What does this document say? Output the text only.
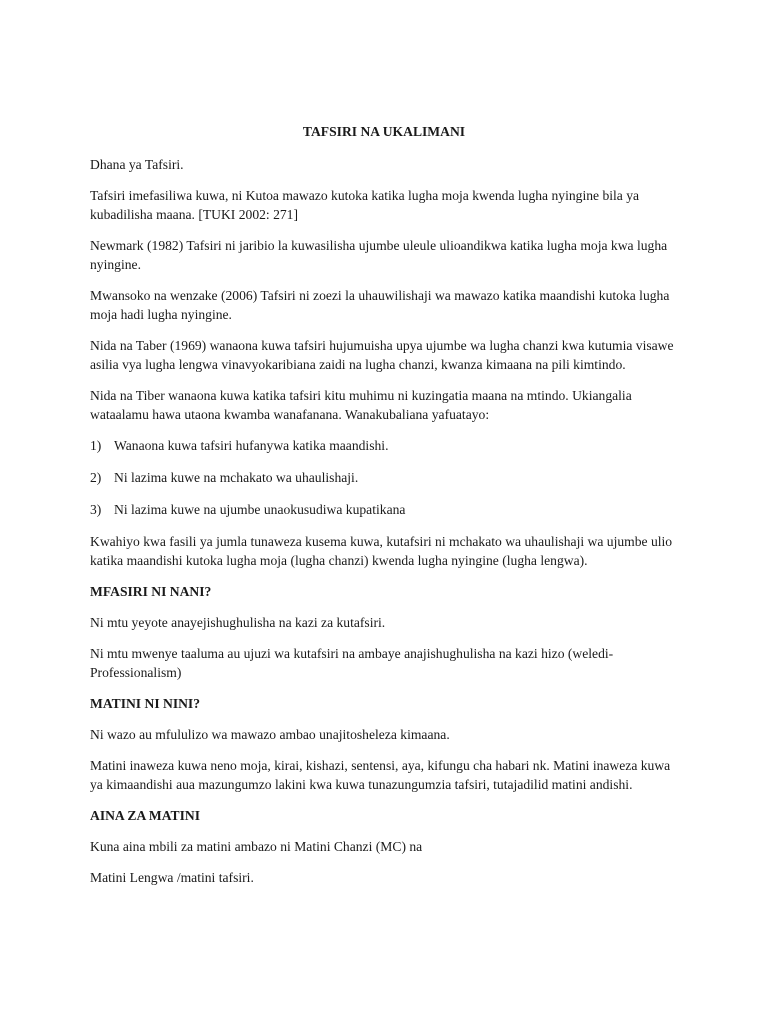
TAFSIRI NA UKALIMANI

Dhana ya Tafsiri.

Tafsiri imefasiliwa kuwa, ni Kutoa mawazo kutoka katika lugha moja kwenda lugha nyingine bila ya kubadilisha maana. [TUKI 2002: 271]

Newmark (1982) Tafsiri ni jaribio la kuwasilisha ujumbe uleule ulioandikwa katika lugha moja kwa lugha nyingine.

Mwansoko na wenzake (2006) Tafsiri ni zoezi la uhauwilishaji wa mawazo katika maandishi kutoka lugha moja hadi lugha nyingine.

Nida na Taber (1969) wanaona kuwa tafsiri hujumuisha upya ujumbe wa lugha chanzi kwa kutumia visawe asilia vya lugha lengwa vinavyokaribiana zaidi na lugha chanzi, kwanza kimaana na pili kimtindo.

Nida na Tiber wanaona kuwa katika tafsiri kitu muhimu ni kuzingatia maana na mtindo. Ukiangalia wataalamu hawa utaona kwamba wanafanana. Wanakubaliana yafuatayo:

1) Wanaona kuwa tafsiri hufanywa katika maandishi.
2) Ni lazima kuwe na mchakato wa uhaulishaji.
3) Ni lazima kuwe na ujumbe unaokusudiwa kupatikana

Kwahiyo kwa fasili ya jumla tunaweza kusema kuwa, kutafsiri ni mchakato wa uhaulishaji wa ujumbe ulio katika maandishi kutoka lugha moja (lugha chanzi) kwenda lugha nyingine (lugha lengwa).

MFASIRI NI NANI?

Ni mtu yeyote anayejishughulisha na kazi za kutafsiri.

Ni mtu mwenye taaluma au ujuzi wa kutafsiri na ambaye anajishughulisha na kazi hizo (weledi-Professionalism)

MATINI NI NINI?

Ni wazo au mfululizo wa mawazo ambao unajitosheleza kimaana.

Matini inaweza kuwa neno moja, kirai, kishazi, sentensi, aya, kifungu cha habari nk. Matini inaweza kuwa ya kimaandishi aua mazungumzo lakini kwa kuwa tunazungumzia tafsiri, tutajadilid matini andishi.

AINA ZA MATINI

Kuna aina mbili za matini ambazo ni Matini Chanzi (MC) na

Matini Lengwa /matini tafsiri.
